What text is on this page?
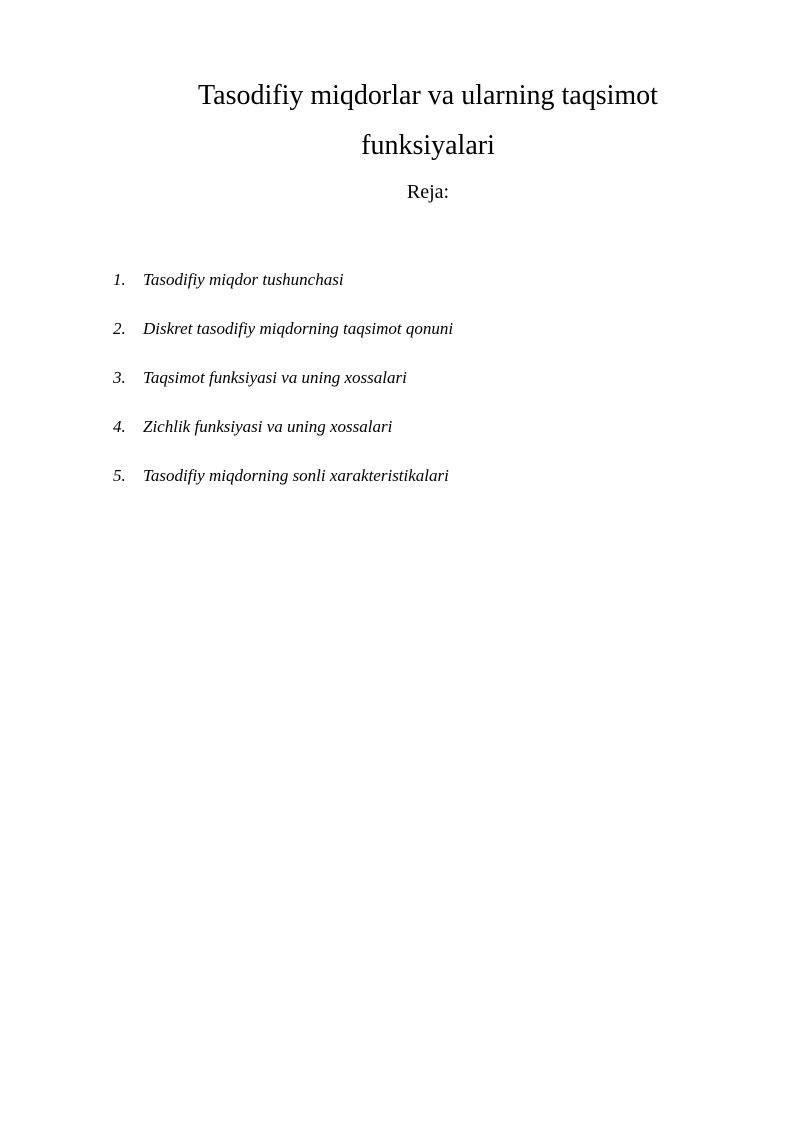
Tasodifiy miqdorlar va ularning taqsimot
funksiyalari
Reja:
1. Tasodifiy miqdor tushunchasi
2. Diskret tasodifiy miqdorning taqsimot qonuni
3. Taqsimot funksiyasi va uning xossalari
4. Zichlik funksiyasi va uning xossalari
5. Tasodifiy miqdorning sonli xarakteristikalari
